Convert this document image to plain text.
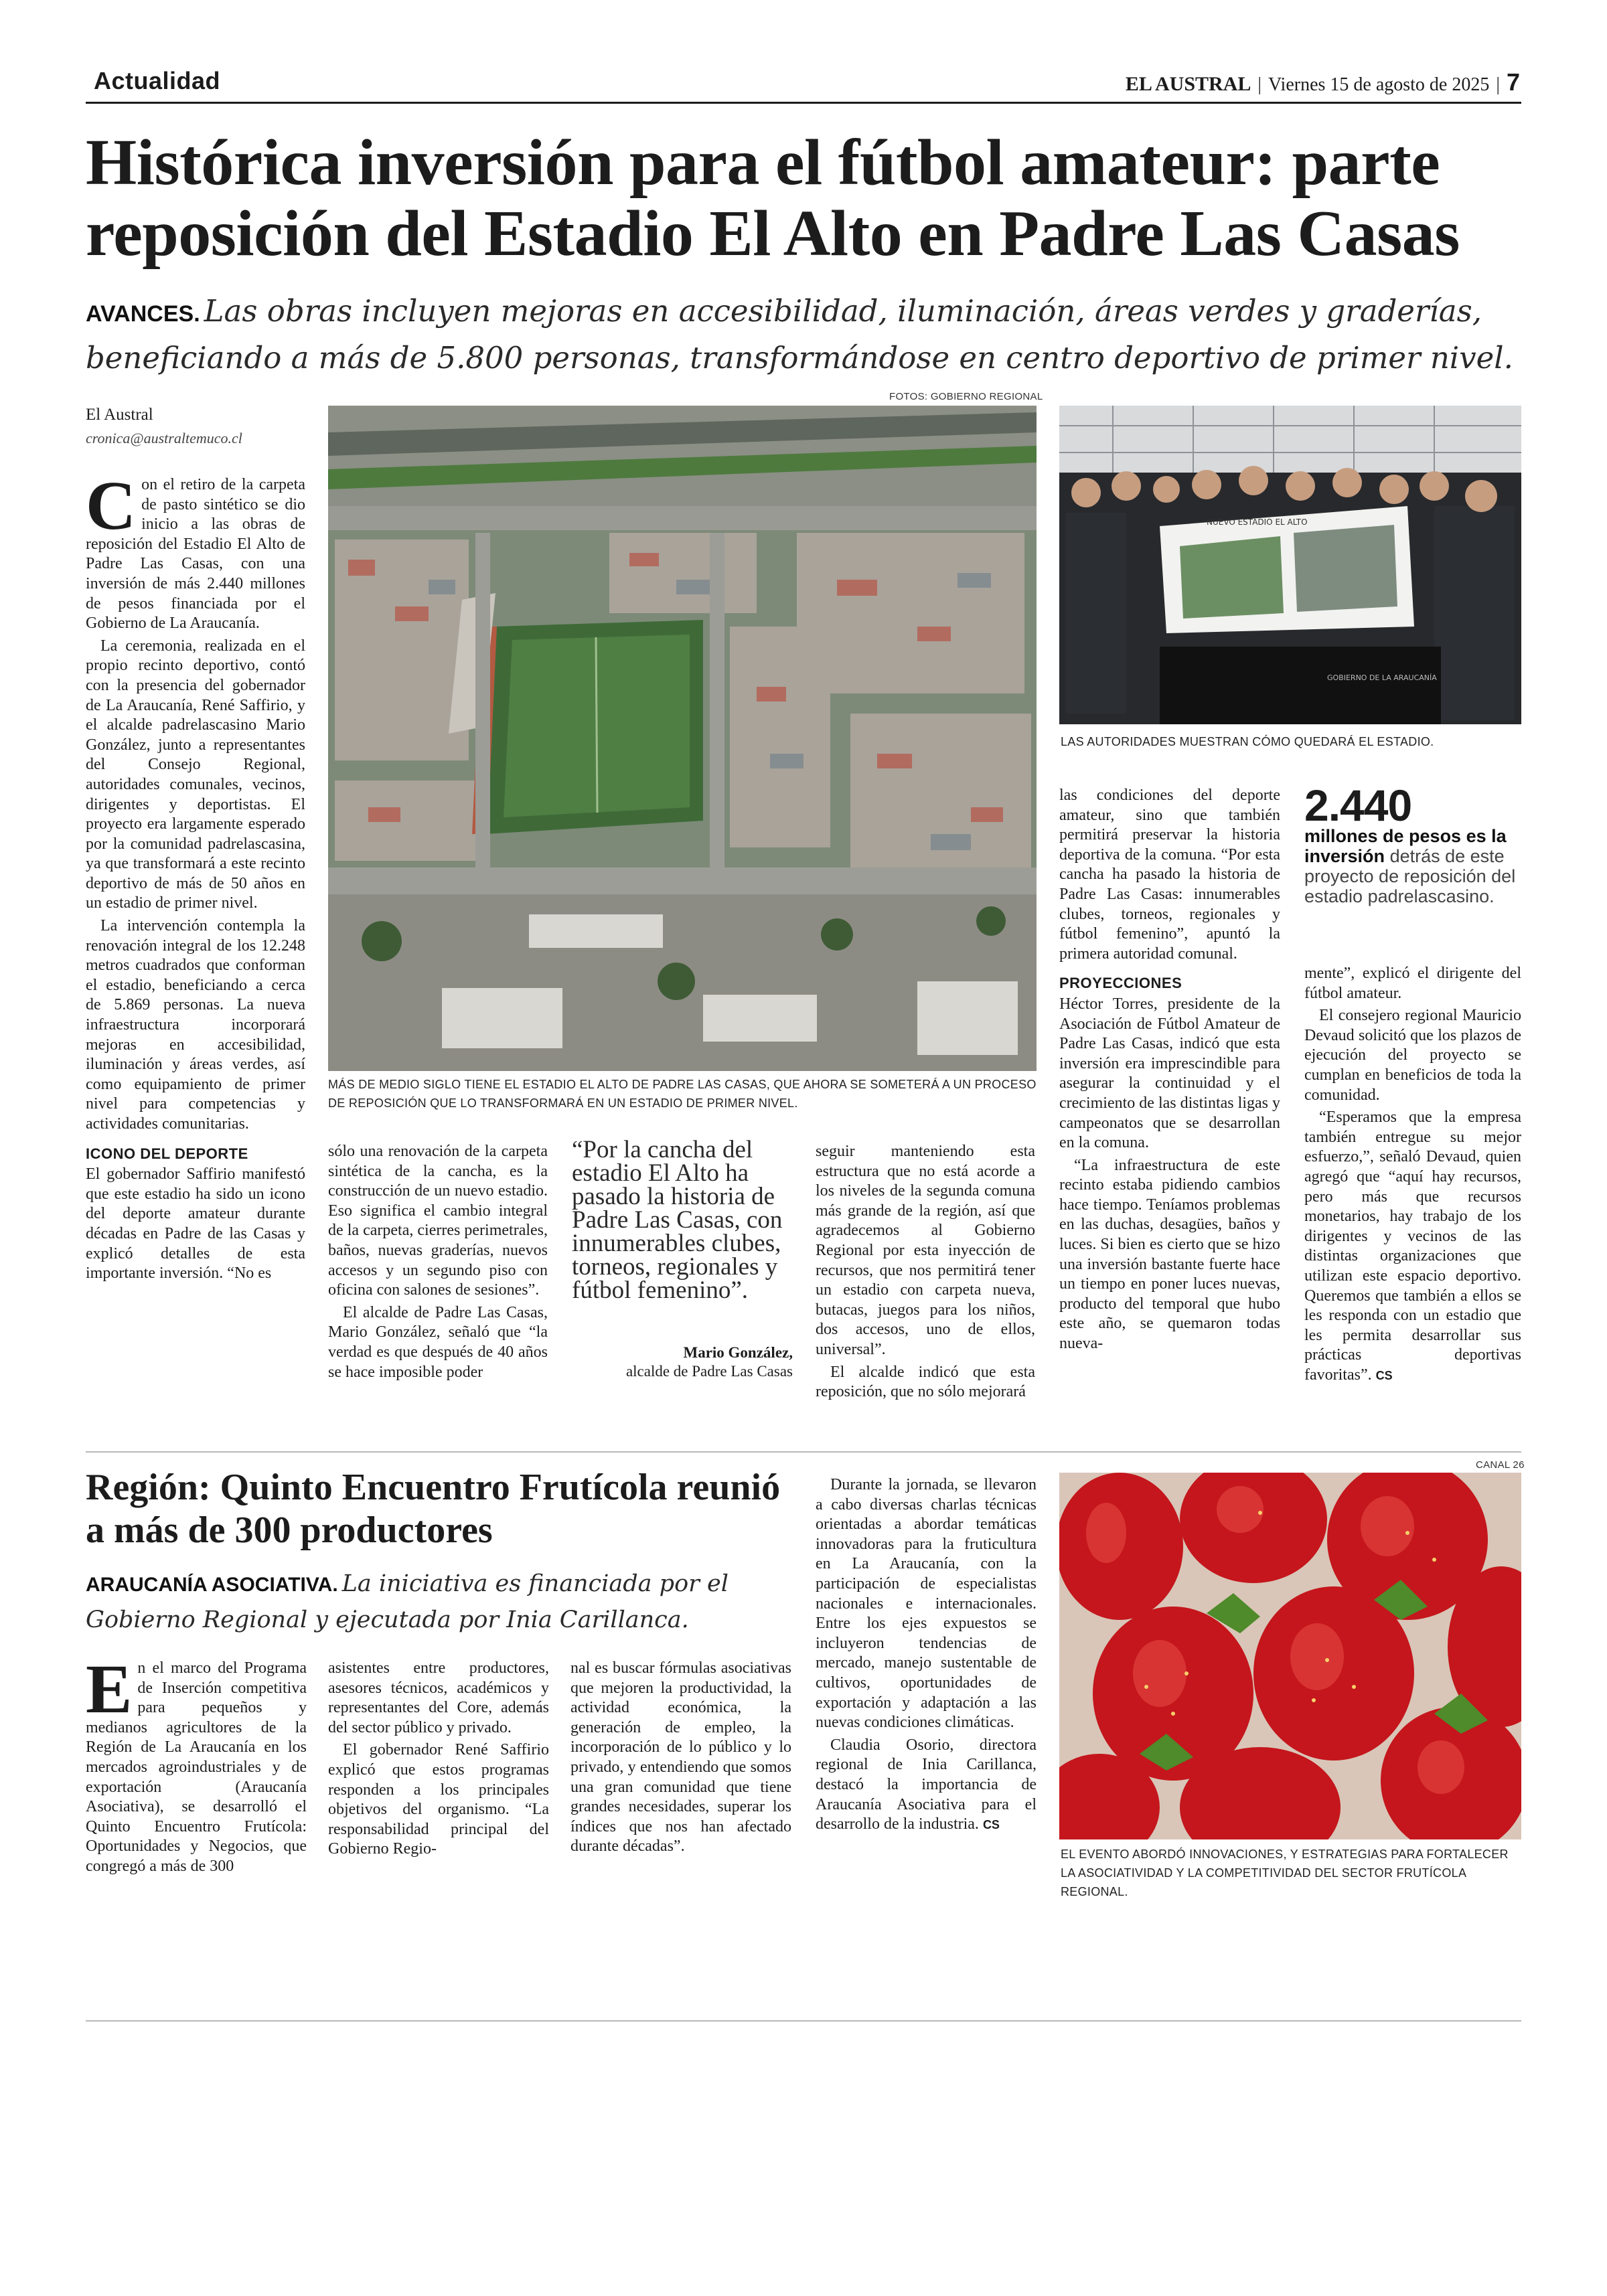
Actualidad	EL AUSTRAL | Viernes 15 de agosto de 2025 | 7
Histórica inversión para el fútbol amateur: parte reposición del Estadio El Alto en Padre Las Casas
AVANCES. Las obras incluyen mejoras en accesibilidad, iluminación, áreas verdes y graderías, beneficiando a más de 5.800 personas, transformándose en centro deportivo de primer nivel.
El Austral
cronica@australtemuco.cl
C on el retiro de la carpeta de pasto sintético se dio inicio a las obras de reposición del Estadio El Alto de Padre Las Casas, con una inversión de más 2.440 millones de pesos financiada por el Gobierno de La Araucanía.

La ceremonia, realizada en el propio recinto deportivo, contó con la presencia del gobernador de La Araucanía, René Saffirio, y el alcalde padrelascasino Mario González, junto a representantes del Consejo Regional, autoridades comunales, vecinos, dirigentes y deportistas. El proyecto era largamente esperado por la comunidad padrelascasina, ya que transformará a este recinto deportivo de más de 50 años en un estadio de primer nivel.

La intervención contempla la renovación integral de los 12.248 metros cuadrados que conforman el estadio, beneficiando a cerca de 5.869 personas. La nueva infraestructura incorporará mejoras en accesibilidad, iluminación y áreas verdes, así como equipamiento de primer nivel para competencias y actividades comunitarias.

ICONO DEL DEPORTE

El gobernador Saffirio manifestó que este estadio ha sido un icono del deporte amateur durante décadas en Padre de las Casas y explicó detalles de esta importante inversión. “No es

FOTOS: GOBIERNO REGIONAL
MÁS DE MEDIO SIGLO TIENE EL ESTADIO EL ALTO DE PADRE LAS CASAS, QUE AHORA SE SOMETERÁ A UN PROCESO DE REPOSICIÓN QUE LO TRANSFORMARÁ EN UN ESTADIO DE PRIMER NIVEL.
NUEVO ESTADIO EL ALTO
GOBIERNO DE LA ARAUCANÍA
LAS AUTORIDADES MUESTRAN CÓMO QUEDARÁ EL ESTADIO.

sólo una renovación de la carpeta sintética de la cancha, es la construcción de un nuevo estadio. Eso significa el cambio integral de la carpeta, cierres perimetrales, baños, nuevas graderías, nuevos accesos y un segundo piso con oficina con salones de sesiones”.

El alcalde de Padre Las Casas, Mario González, señaló que “la verdad es que después de 40 años se hace imposible poder

“Por la cancha del estadio El Alto ha pasado la historia de Padre Las Casas, con innumerables clubes, torneos, regionales y fútbol femenino”.
Mario González,
alcalde de Padre Las Casas

seguir manteniendo esta estructura que no está acorde a los niveles de la segunda comuna más grande de la región, así que agradecemos al Gobierno Regional por esta inyección de recursos, que nos permitirá tener un estadio con carpeta nueva, butacas, juegos para los niños, dos accesos, uno de ellos, universal”.

El alcalde indicó que esta reposición, que no sólo mejorará

las condiciones del deporte amateur, sino que también permitirá preservar la historia deportiva de la comuna. “Por esta cancha ha pasado la historia de Padre Las Casas: innumerables clubes, torneos, regionales y fútbol femenino”, apuntó la primera autoridad comunal.

PROYECCIONES

Héctor Torres, presidente de la Asociación de Fútbol Amateur de Padre Las Casas, indicó que esta inversión era imprescindible para asegurar la continuidad y el crecimiento de las distintas ligas y campeonatos que se desarrollan en la comuna.

“La infraestructura de este recinto estaba pidiendo cambios hace tiempo. Teníamos problemas en las duchas, desagües, baños y luces. Si bien es cierto que se hizo una inversión bastante fuerte hace un tiempo en poner luces nuevas, producto del temporal que hubo este año, se quemaron todas nueva-

2.440
millones de pesos es la inversión detrás de este proyecto de reposición del estadio padrelascasino.

mente”, explicó el dirigente del fútbol amateur.

El consejero regional Mauricio Devaud solicitó que los plazos de ejecución del proyecto se cumplan en beneficios de toda la comunidad.

“Esperamos que la empresa también entregue su mejor esfuerzo,”, señaló Devaud, quien agregó que “aquí hay recursos, pero más que recursos monetarios, hay trabajo de los dirigentes y vecinos de las distintas organizaciones que utilizan este espacio deportivo. Queremos que también a ellos se les responda con un estadio que les permita desarrollar sus prácticas deportivas favoritas”. CS

Región: Quinto Encuentro Frutícola reunió a más de 300 productores
ARAUCANÍA ASOCIATIVA. La iniciativa es financiada por el Gobierno Regional y ejecutada por Inia Carillanca.
E n el marco del Programa de Inserción competitiva para pequeños y medianos agricultores de la Región de La Araucanía en los mercados agroindustriales y de exportación (Araucanía Asociativa), se desarrolló el Quinto Encuentro Frutícola: Oportunidades y Negocios, que congregó a más de 300

asistentes entre productores, asesores técnicos, académicos y representantes del Core, además del sector público y privado.

El gobernador René Saffirio explicó que estos programas responden a los principales objetivos del organismo. “La responsabilidad principal del Gobierno Regio-

nal es buscar fórmulas asociativas que mejoren la productividad, la actividad económica, la generación de empleo, la incorporación de lo público y lo privado, y entendiendo que somos una gran comunidad que tiene grandes necesidades, superar los índices que nos han afectado durante décadas”.

Durante la jornada, se llevaron a cabo diversas charlas técnicas orientadas a abordar temáticas innovadoras para la fruticultura en La Araucanía, con la participación de especialistas nacionales e internacionales. Entre los ejes expuestos se incluyeron tendencias de mercado, manejo sustentable de cultivos, oportunidades de exportación y adaptación a las nuevas condiciones climáticas.

Claudia Osorio, directora regional de Inia Carillanca, destacó la importancia de Araucanía Asociativa para el desarrollo de la industria. CS

CANAL 26
EL EVENTO ABORDÓ INNOVACIONES, Y ESTRATEGIAS PARA FORTALECER LA ASOCIATIVIDAD Y LA COMPETITIVIDAD DEL SECTOR FRUTÍCOLA REGIONAL.
